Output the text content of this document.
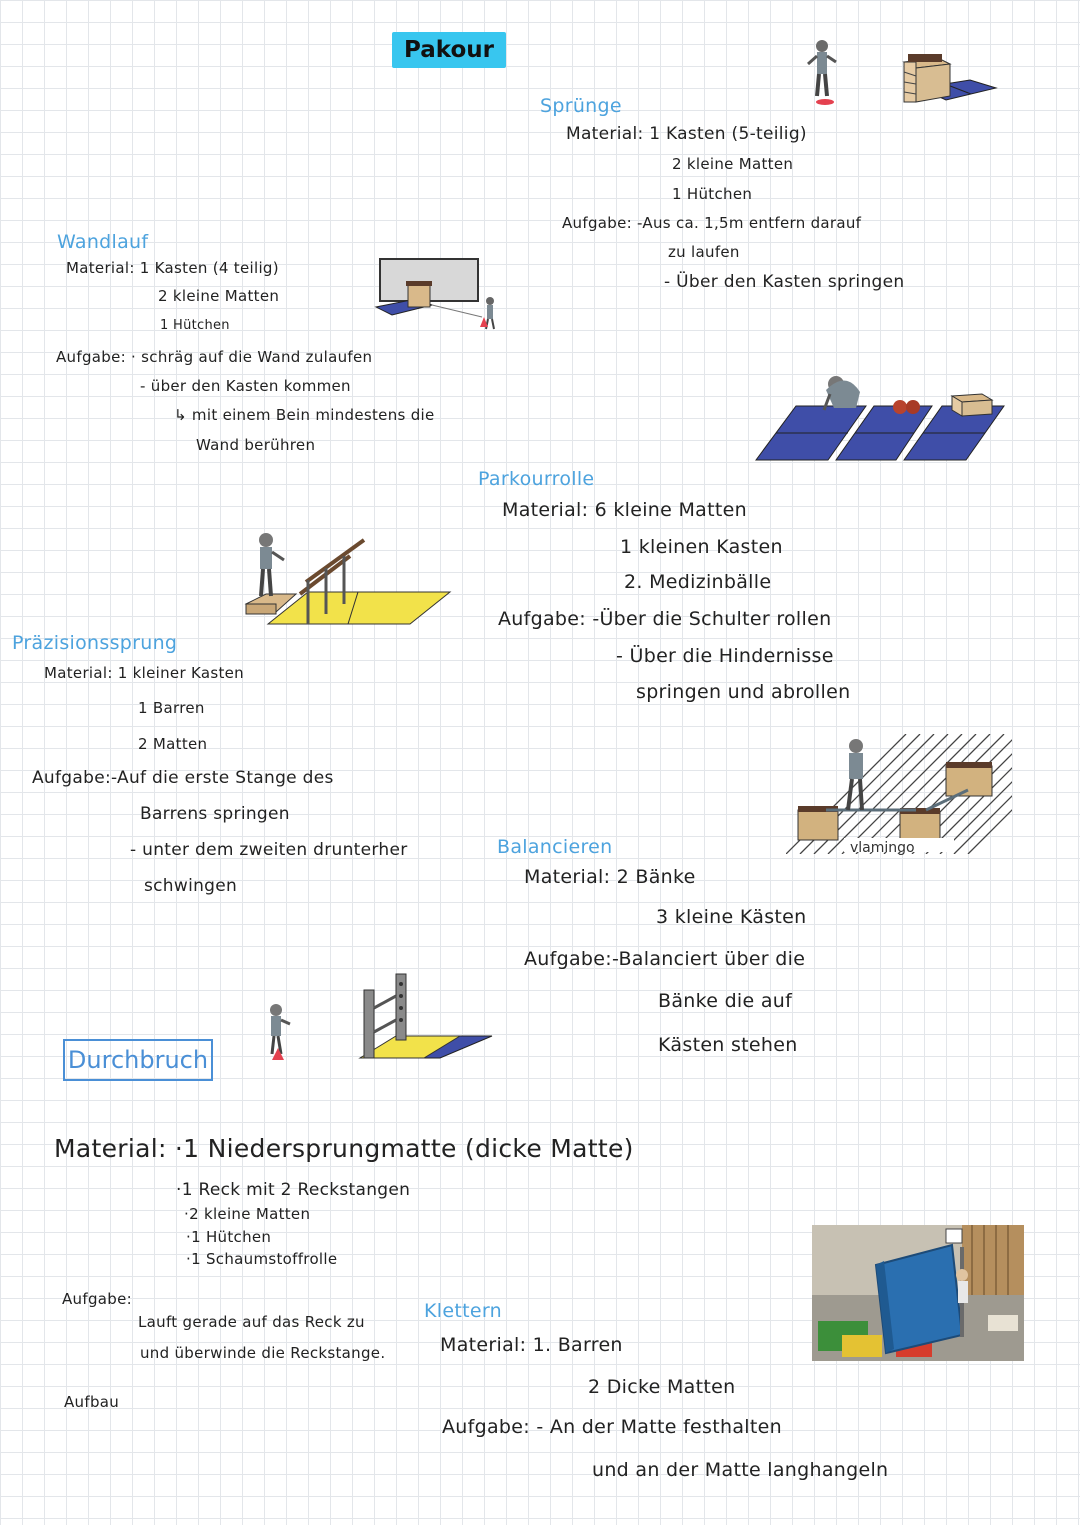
Pakour
Sprünge
Material: 1 Kasten (5-teilig)
2 kleine Matten
1 Hütchen
Aufgabe: -Aus ca. 1,5m entfern darauf
zu laufen
- Über den Kasten springen
Wandlauf
Material: 1 Kasten (4 teilig)
2 kleine Matten
1 Hütchen
Aufgabe: · schräg auf die Wand zulaufen
- über den Kasten kommen
↳ mit einem Bein mindestens die
Wand berühren
Parkourrolle
Material: 6 kleine Matten
1 kleinen Kasten
2. Medizinbälle
Aufgabe: -Über die Schulter rollen
- Über die Hindernisse
springen und abrollen
Präzisionssprung
Material: 1 kleiner Kasten
1 Barren
2 Matten
Aufgabe:-Auf die erste Stange des
Barrens springen
- unter dem zweiten drunterher
schwingen
vlamingo
Balancieren
Material: 2 Bänke
3 kleine Kästen
Aufgabe:-Balanciert über die
Bänke die auf
Kästen stehen
Durchbruch
Material: ·1 Niedersprungmatte (dicke Matte)
·1 Reck mit 2 Reckstangen
·2 kleine Matten
·1 Hütchen
·1 Schaumstoffrolle
Aufgabe:
Lauft gerade auf das Reck zu
und überwinde die Reckstange.
Aufbau
Klettern
Material: 1. Barren
2 Dicke Matten
Aufgabe: - An der Matte festhalten
und an der Matte langhangeln
